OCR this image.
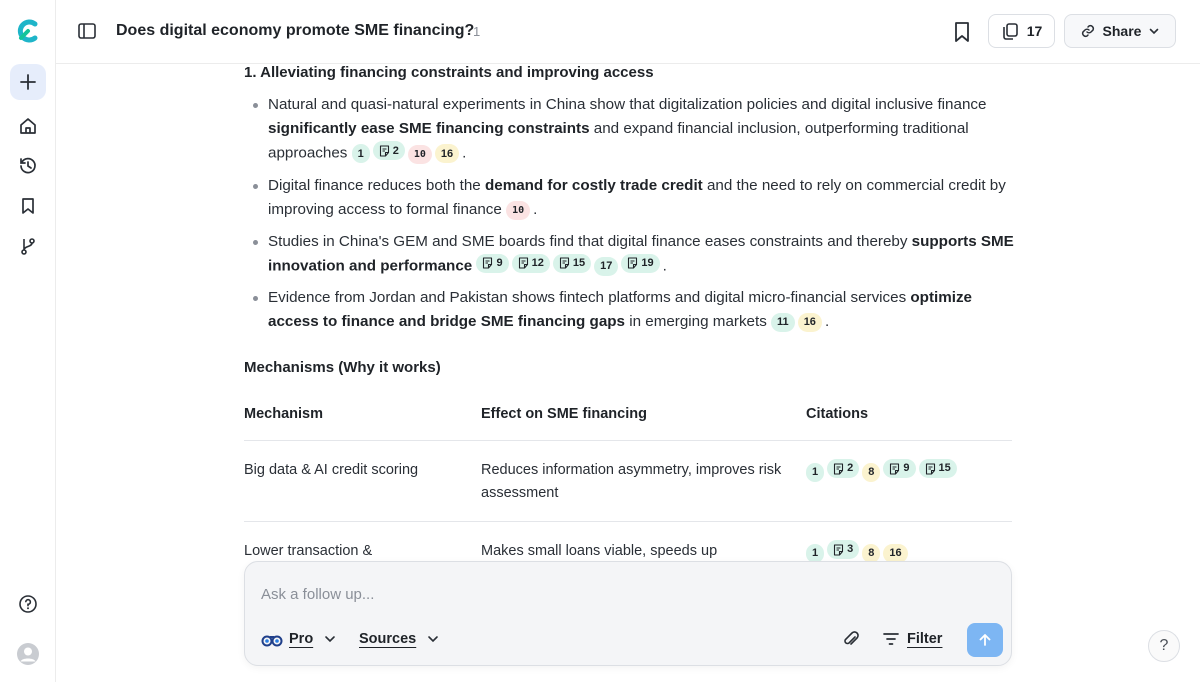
Does digital economy promote SME financing?
1	17	Share
1. Alleviating financing constraints and improving access
Natural and quasi-natural experiments in China show that digitalization policies and digital inclusive finance significantly ease SME financing constraints and expand financial inclusion, outperforming traditional approaches 1	2 10 16 .
Digital finance reduces both the demand for costly trade credit and the need to rely on commercial credit by improving access to formal finance 10 .
Studies in China's GEM and SME boards find that digital finance eases constraints and thereby supports SME innovation and performance 9	12	15 17	19 .
Evidence from Jordan and Pakistan shows fintech platforms and digital micro-financial services optimize access to finance and bridge SME financing gaps in emerging markets 11 16 .
Mechanisms (Why it works)
Mechanism	Effect on SME financing	Citations
Big data & AI credit scoring	Reduces information asymmetry, improves risk assessment	1 2 8 9 15

Lower transaction &	Makes small loans viable, speeds up	1 3 8 16
Ask a follow up...
Pro	Sources	Filter	?
